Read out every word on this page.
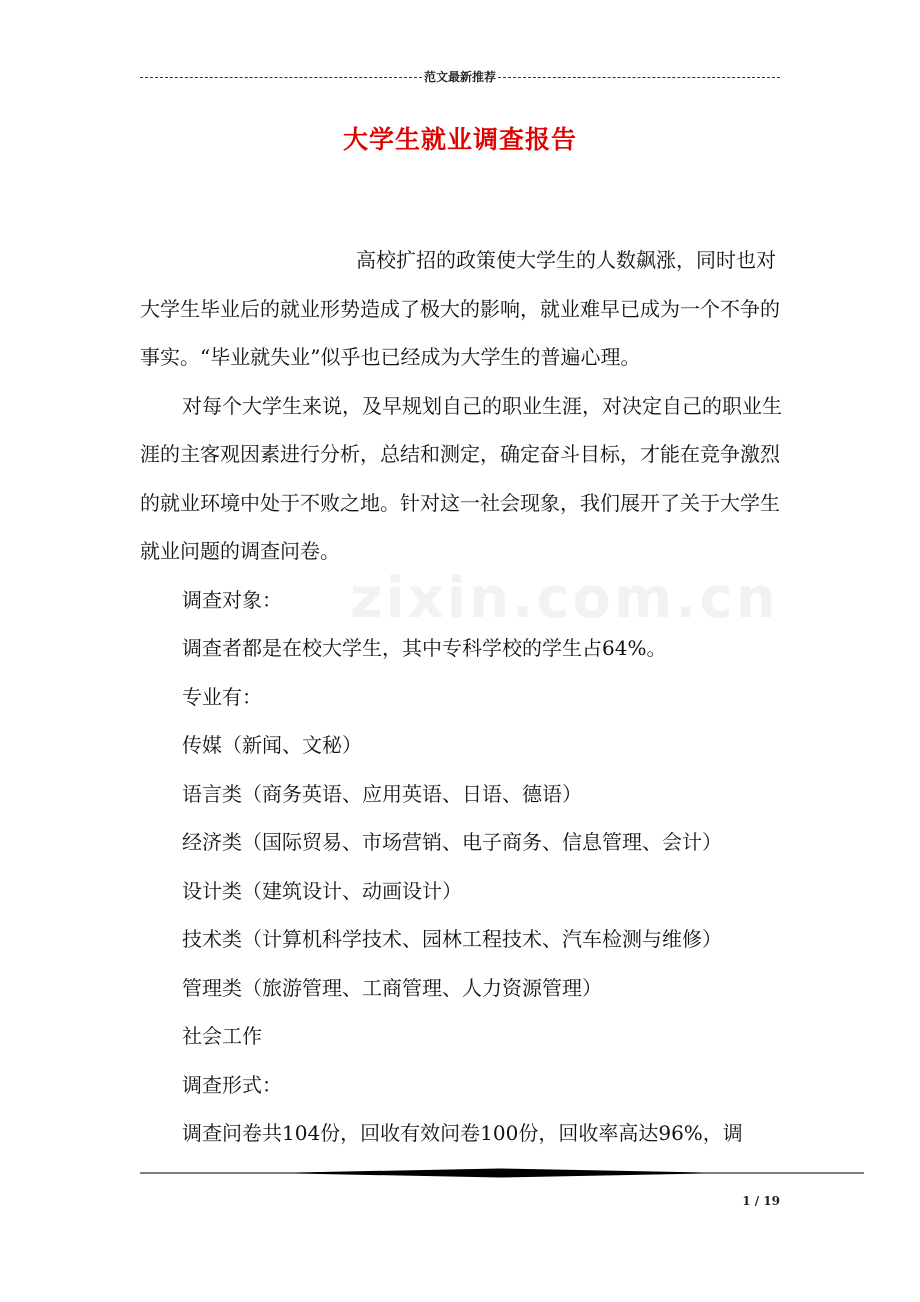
范文最新推荐
大学生就业调查报告
zixin.com.cn

高校扩招的政策使大学生的人数飙涨，同时也对大学生毕业后的就业形势造成了极大的影响，就业难早已成为一个不争的事实。“毕业就失业”似乎也已经成为大学生的普遍心理。

对每个大学生来说，及早规划自己的职业生涯，对决定自己的职业生涯的主客观因素进行分析，总结和测定，确定奋斗目标，才能在竞争激烈的就业环境中处于不败之地。针对这一社会现象，我们展开了关于大学生就业问题的调查问卷。

调查对象：

调查者都是在校大学生，其中专科学校的学生占64%。

专业有：

传媒（新闻、文秘）

语言类（商务英语、应用英语、日语、德语）

经济类（国际贸易、市场营销、电子商务、信息管理、会计）

设计类（建筑设计、动画设计）

技术类（计算机科学技术、园林工程技术、汽车检测与维修）

管理类（旅游管理、工商管理、人力资源管理）

社会工作

调查形式：

调查问卷共104份，回收有效问卷100份，回收率高达96%，调

1 / 19
